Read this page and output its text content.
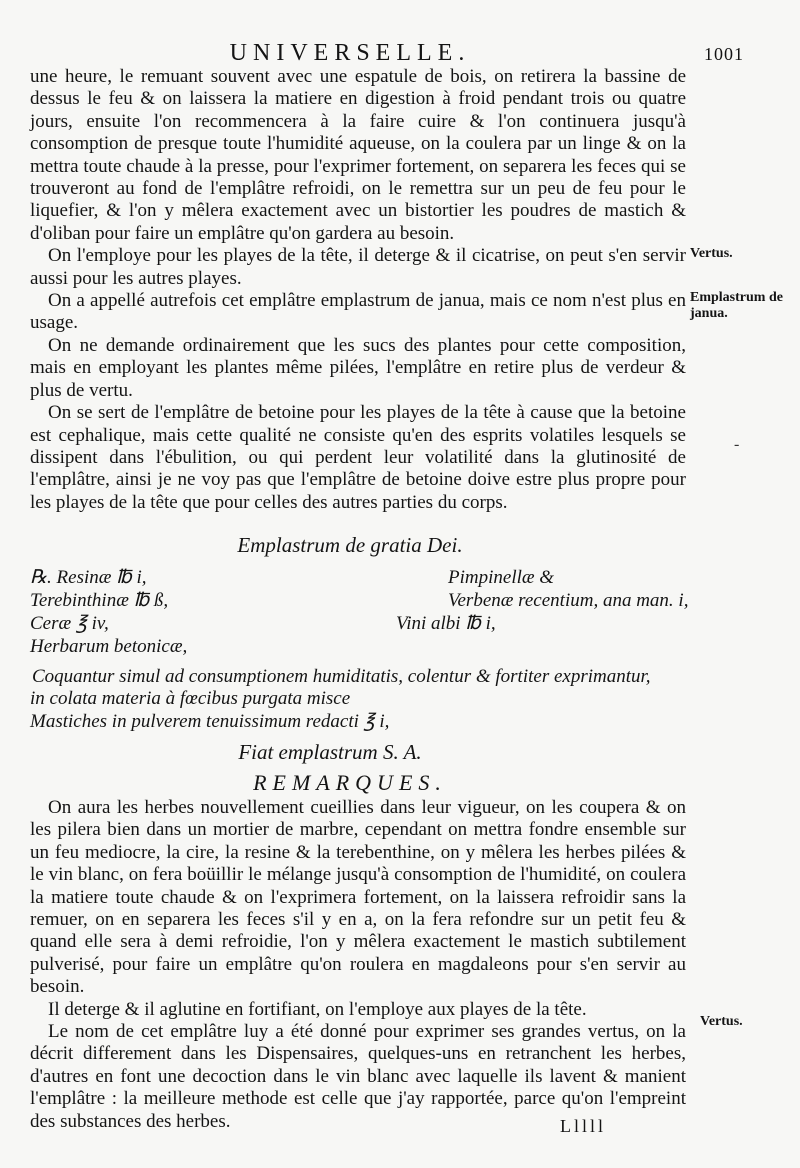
UNIVERSELLE.	1001

une heure, le remuant souvent avec une espatule de bois, on retirera la bassine de dessus le feu & on laissera la matiere en digestion à froid pendant trois ou quatre jours, ensuite l'on recommencera à la faire cuire & l'on continuera jusqu'à consomption de presque toute l'humidité aqueuse, on la coulera par un linge & on la mettra toute chaude à la presse, pour l'exprimer fortement, on separera les feces qui se trouveront au fond de l'emplâtre refroidi, on le remettra sur un peu de feu pour le liquefier, & l'on y mêlera exactement avec un bistortier les poudres de mastich & d'oliban pour faire un emplâtre qu'on gardera au besoin.

On l'employe pour les playes de la tête, il deterge & il cicatrise, on peut s'en servir aussi pour les autres playes.

On a appellé autrefois cet emplâtre emplastrum de janua, mais ce nom n'est plus en usage.

On ne demande ordinairement que les sucs des plantes pour cette composition, mais en employant les plantes même pilées, l'emplâtre en retire plus de verdeur & plus de vertu.

On se sert de l'emplâtre de betoine pour les playes de la tête à cause que la betoine est cephalique, mais cette qualité ne consiste qu'en des esprits volatiles lesquels se dissipent dans l'ébulition, ou qui perdent leur volatilité dans la glutinosité de l'emplâtre, ainsi je ne voy pas que l'emplâtre de betoine doive estre plus propre pour les playes de la tête que pour celles des autres parties du corps.

Vertus.
Emplastrum de janua.
-
Emplastrum de gratia Dei.
℞. Resinæ ℔ i,
Terebinthinæ ℔ ß,
Ceræ ℥ iv,
Herbarum betonicæ,
Pimpinellæ &
Verbenæ recentium, ana man. i,
Vini albi ℔ i,
Coquantur simul ad consumptionem humiditatis, colentur & fortiter exprimantur,
in colata materia à fœcibus purgata misce
Mastiches in pulverem tenuissimum redacti ℥ i,
Fiat emplastrum S. A.
REMARQUES.

On aura les herbes nouvellement cueillies dans leur vigueur, on les coupera & on les pilera bien dans un mortier de marbre, cependant on mettra fondre ensemble sur un feu mediocre, la cire, la resine & la terebenthine, on y mêlera les herbes pilées & le vin blanc, on fera boüillir le mélange jusqu'à consomption de l'humidité, on coulera la matiere toute chaude & on l'exprimera fortement, on la laissera refroidir sans la remuer, on en separera les feces s'il y en a, on la fera refondre sur un petit feu & quand elle sera à demi refroidie, l'on y mêlera exactement le mastich subtilement pulverisé, pour faire un emplâtre qu'on roulera en magdaleons pour s'en servir au besoin.

Il deterge & il aglutine en fortifiant, on l'employe aux playes de la tête.

Le nom de cet emplâtre luy a été donné pour exprimer ses grandes vertus, on la décrit differement dans les Dispensaires, quelques-uns en retranchent les herbes, d'autres en font une decoction dans le vin blanc avec laquelle ils lavent & manient l'emplâtre : la meilleure methode est celle que j'ay rapportée, parce qu'on l'empreint des substances des herbes.

Vertus.
Lllll
